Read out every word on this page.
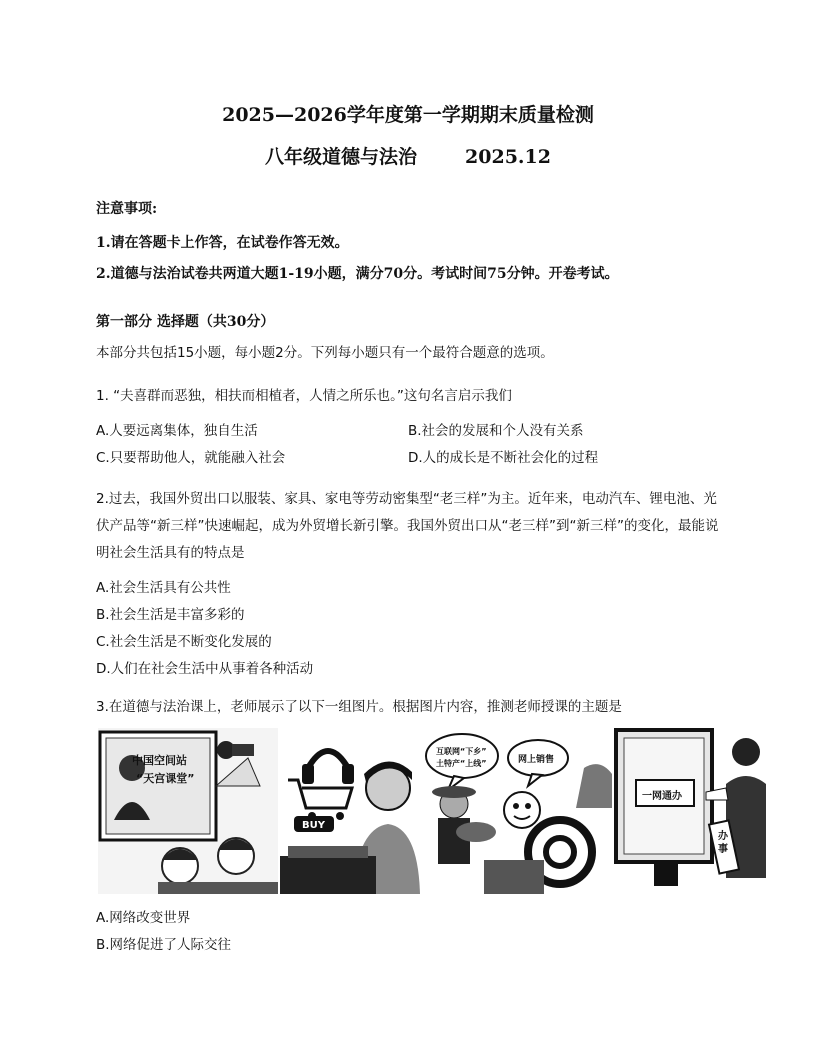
2025—2026学年度第一学期期末质量检测
八年级道德与法治	2025.12
注意事项:
1.请在答题卡上作答，在试卷作答无效。
2.道德与法治试卷共两道大题1-19小题，满分70分。考试时间75分钟。开卷考试。
第一部分 选择题（共30分）
本部分共包括15小题，每小题2分。下列每小题只有一个最符合题意的选项。
1. “夫喜群而恶独，相扶而相植者，人情之所乐也。”这句名言启示我们
A.人要远离集体，独自生活	B.社会的发展和个人没有关系
C.只要帮助他人，就能融入社会	D.人的成长是不断社会化的过程
2.过去，我国外贸出口以服装、家具、家电等劳动密集型“老三样”为主。近年来，电动汽车、锂电池、光伏产品等“新三样”快速崛起，成为外贸增长新引擎。我国外贸出口从“老三样”到“新三样”的变化，最能说明社会生活具有的特点是
A.社会生活具有公共性
B.社会生活是丰富多彩的
C.社会生活是不断变化发展的
D.人们在社会生活中从事着各种活动
3.在道德与法治课上，老师展示了以下一组图片。根据图片内容，推测老师授课的主题是
中国空间站
“天宫课堂”
BUY
互联网“下乡”
土特产“上线”	网上销售
一网通办
办事
A.网络改变世界
B.网络促进了人际交往
